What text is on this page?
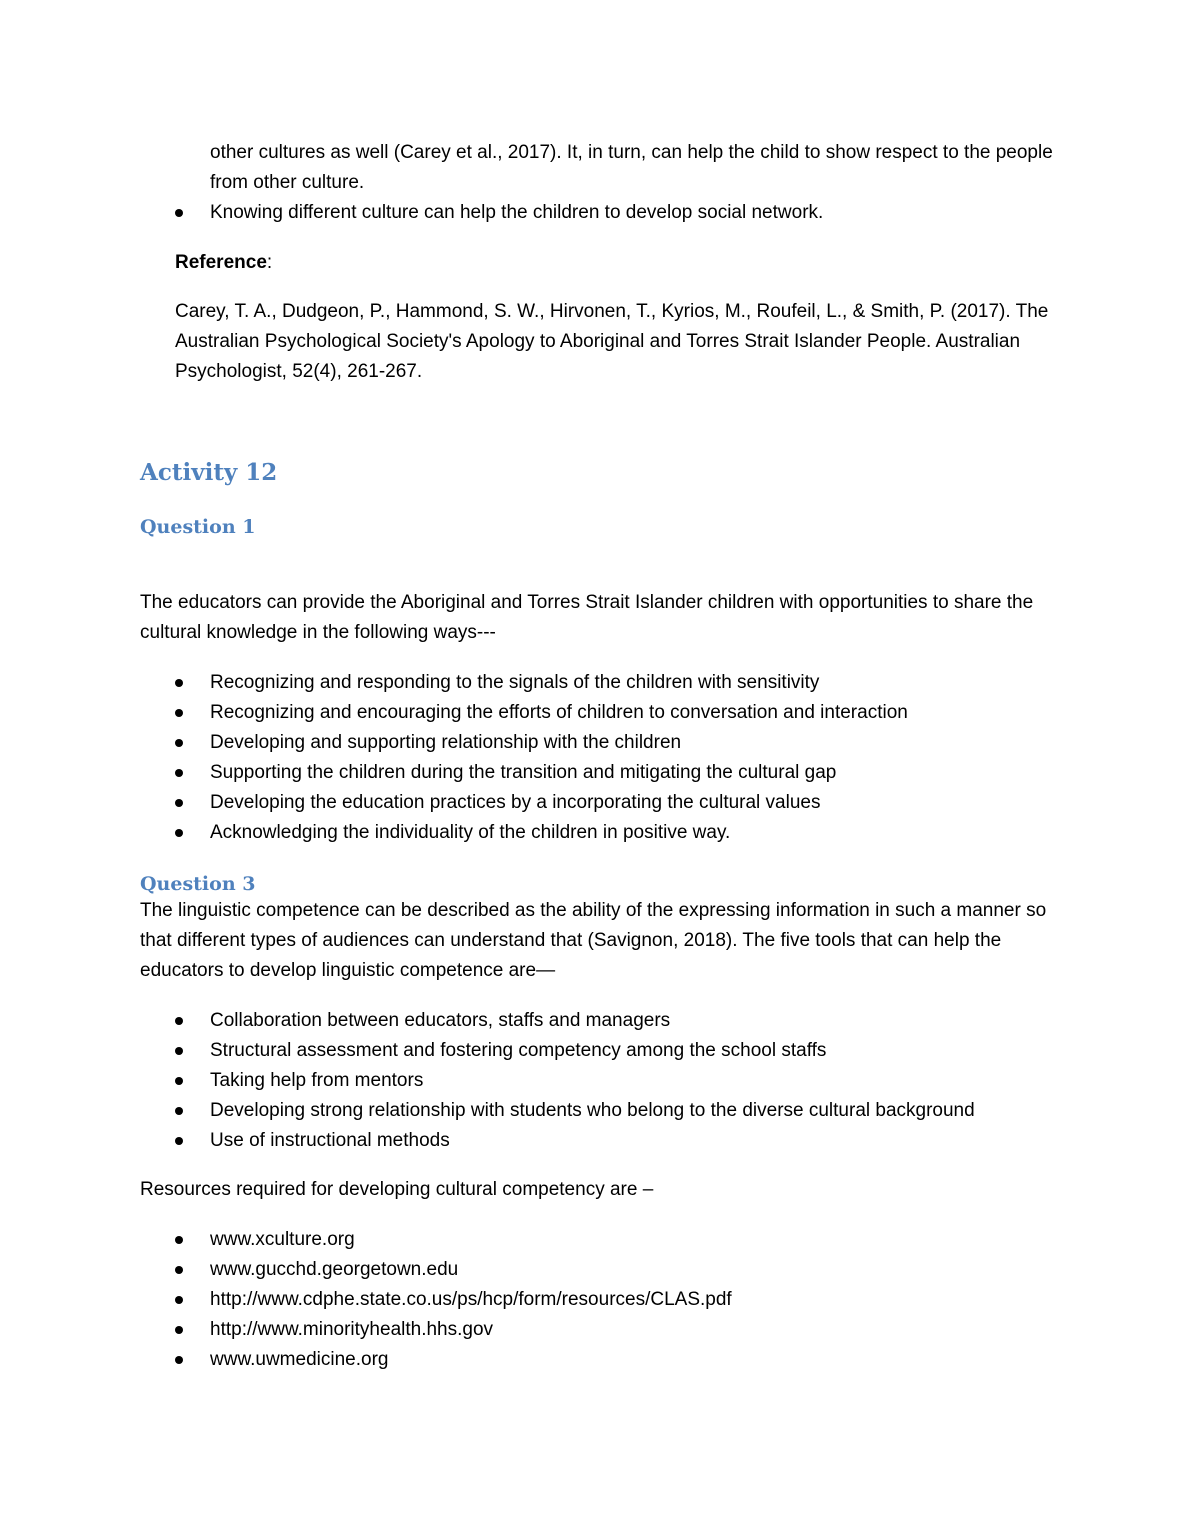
other cultures as well (Carey et al., 2017). It, in turn, can help the child to show respect to the people from other culture.

Knowing different culture can help the children to develop social network.

Reference:

Carey, T. A., Dudgeon, P., Hammond, S. W., Hirvonen, T., Kyrios, M., Roufeil, L., & Smith, P. (2017). The Australian Psychological Society's Apology to Aboriginal and Torres Strait Islander People. Australian Psychologist, 52(4), 261-267.

Activity 12
Question 1

The educators can provide the Aboriginal and Torres Strait Islander children with opportunities to share the cultural knowledge in the following ways---

Recognizing and responding to the signals of the children with sensitivity
Recognizing and encouraging the efforts of children to conversation and interaction
Developing and supporting relationship with the children
Supporting the children during the transition and mitigating the cultural gap
Developing the education practices by a incorporating the cultural values
Acknowledging the individuality of the children in positive way.
Question 3

The linguistic competence can be described as the ability of the expressing information in such a manner so that different types of audiences can understand that (Savignon, 2018). The five tools that can help the educators to develop linguistic competence are—

Collaboration between educators, staffs and managers
Structural assessment and fostering competency among the school staffs
Taking help from mentors
Developing strong relationship with students who belong to the diverse cultural background
Use of instructional methods

Resources required for developing cultural competency are –

www.xculture.org
www.gucchd.georgetown.edu
http://www.cdphe.state.co.us/ps/hcp/form/resources/CLAS.pdf
http://www.minorityhealth.hhs.gov
www.uwmedicine.org
